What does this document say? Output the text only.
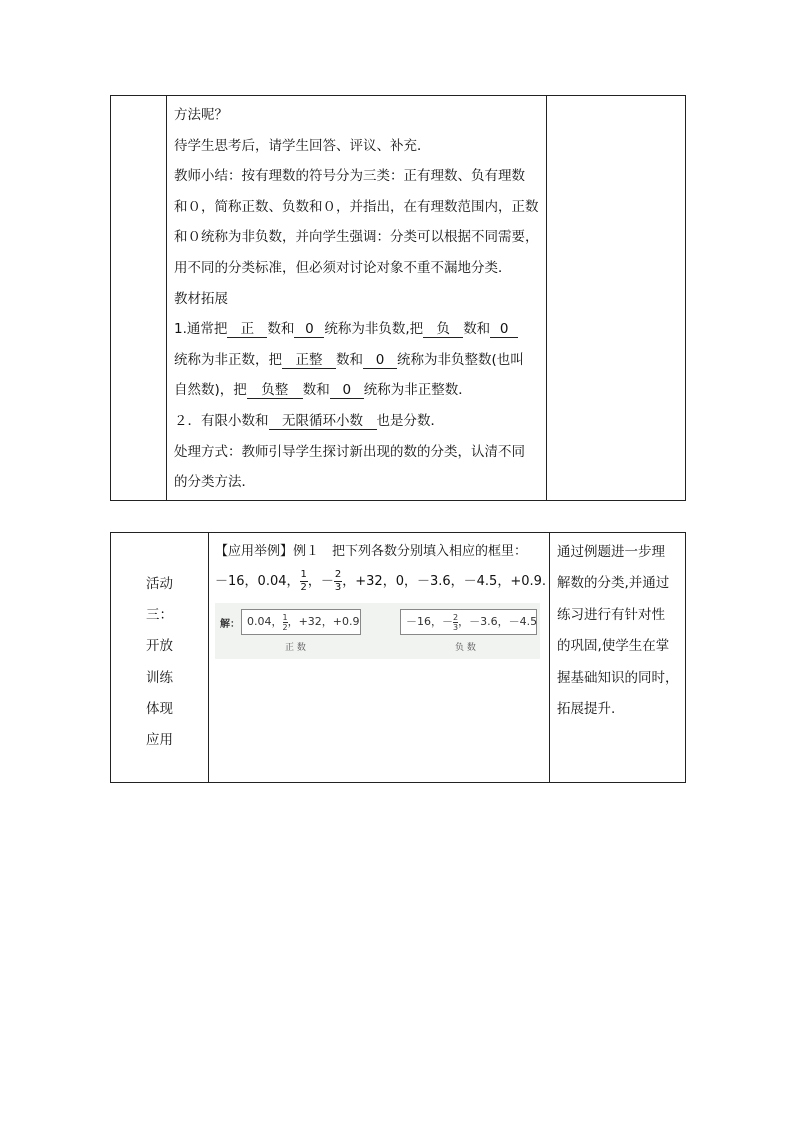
方法呢？
待学生思考后，请学生回答、评议、补充．
教师小结：按有理数的符号分为三类：正有理数、负有理数
和０，简称正数、负数和０，并指出，在有理数范围内，正数
和０统称为非负数，并向学生强调：分类可以根据不同需要，
用不同的分类标准，但必须对讨论对象不重不漏地分类．
教材拓展
1.通常把 正 数和 0 统称为非负数,把 负 数和 0
统称为非正数，把 正整 数和 0 统称为非负整数(也叫
自然数)，把 负整 数和 0 统称为非正整数．
２．有限小数和 无限循环小数 也是分数．
处理方式：教师引导学生探讨新出现的数的分类，认清不同
的分类方法．

活动
三：
开放
训练
体现
应用

【应用举例】例１　把下列各数分别填入相应的框里：
－16，0.04， $\frac{1}{2}$ ，－ $\frac{2}{3}$ ，+32，0，－3.6，－4.5，+0.9.
解： 0.04， $\frac{1}{2}$ ，+32，+0.9	－16，－ $\frac{2}{3}$ ，－3.6，－4.5
正 数	负 数

通过例题进一步理
解数的分类,并通过
练习进行有针对性
的巩固,使学生在掌
握基础知识的同时，
拓展提升.
